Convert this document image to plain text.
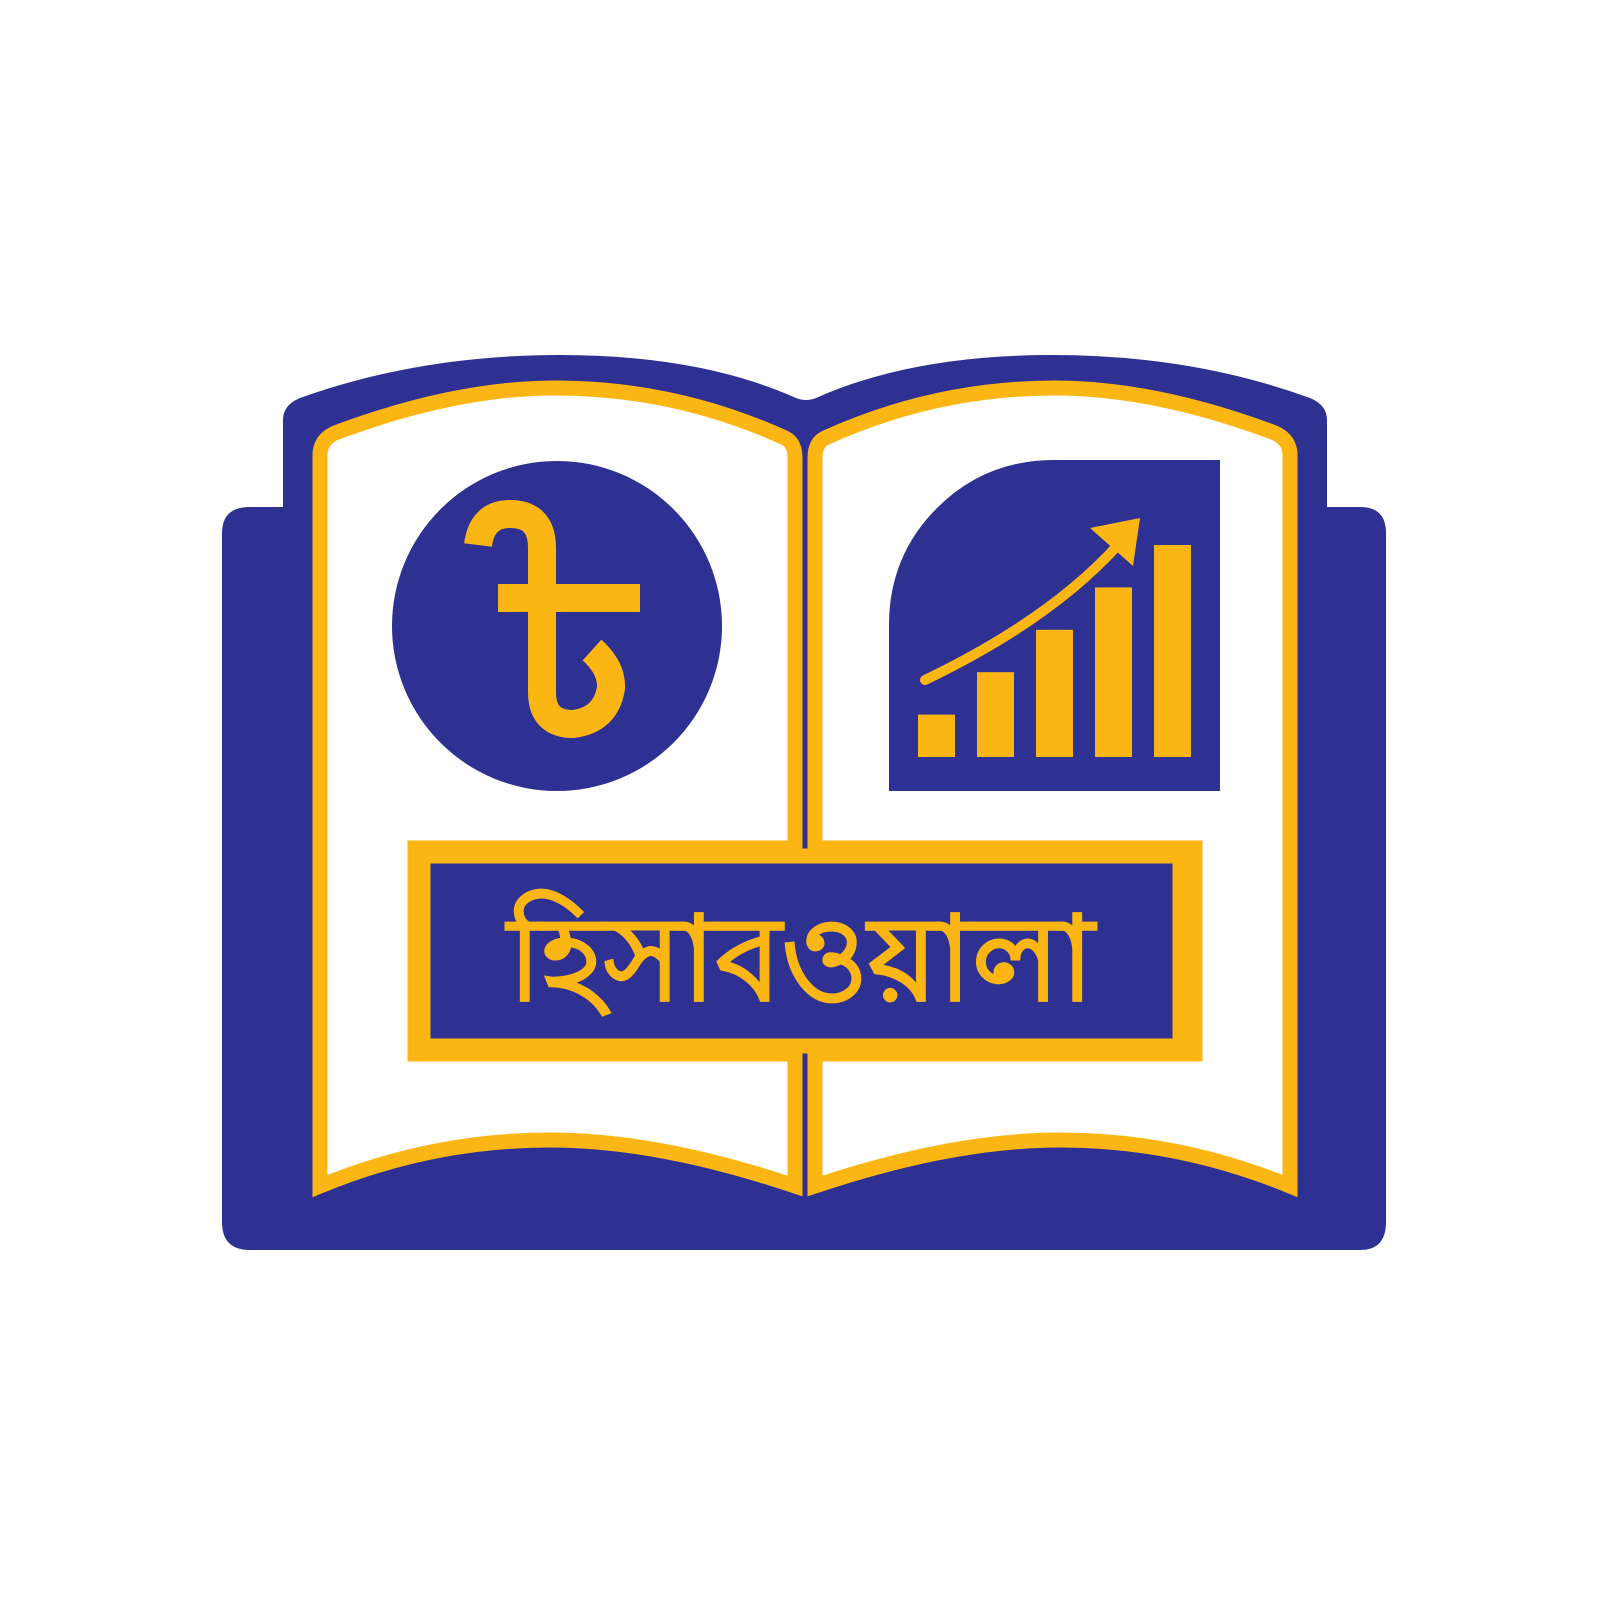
হিসাবওয়ালা
